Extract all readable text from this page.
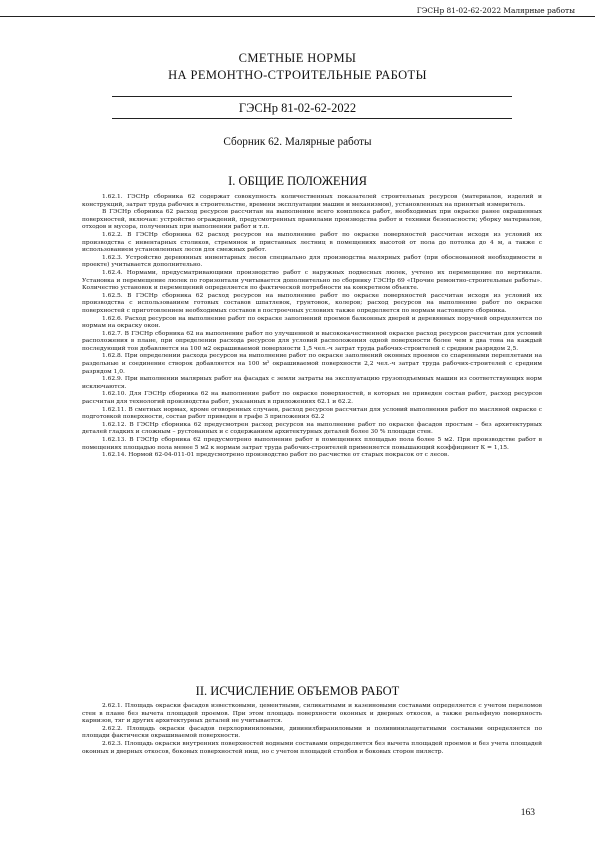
ГЭСНр 81-02-62-2022 Малярные работы
СМЕТНЫЕ НОРМЫ
НА РЕМОНТНО-СТРОИТЕЛЬНЫЕ РАБОТЫ
ГЭСНр 81-02-62-2022
Сборник 62. Малярные работы
I. ОБЩИЕ ПОЛОЖЕНИЯ

1.62.1. ГЭСНр сборника 62 содержат совокупность количественных показателей строительных ресурсов (материалов, изделий и конструкций, затрат труда рабочих в строительстве, времени эксплуатации машин и механизмов), установленных на принятый измеритель.

В ГЭСНр сборника 62 расход ресурсов рассчитан на выполнение всего комплекса работ, необходимых при окраске ранее окрашенных поверхностей, включая: устройство ограждений, предусмотренных правилами производства работ и техники безопасности; уборку материалов, отходов и мусора, полученных при выполнении работ и т.п.

1.62.2. В ГЭСНр сборника 62 расход ресурсов на выполнение работ по окраске поверхностей рассчитан исходя из условий их производства с инвентарных столиков, стремянок и приставных лестниц в помещениях высотой от пола до потолка до 4 м, а также с использованием установленных лесов для смежных работ.

1.62.3. Устройство деревянных инвентарных лесов специально для производства малярных работ (при обоснованной необходимости в проекте) учитывается дополнительно.

1.62.4. Нормами, предусматривающими производство работ с наружных подвесных люлек, учтено их перемещение по вертикали. Установка и перемещение люлек по горизонтали учитывается дополнительно по сборнику ГЭСНр 69 «Прочие ремонтно-строительные работы». Количество установок и перемещений определяется по фактической потребности на конкретном объекте.

1.62.5. В ГЭСНр сборника 62 расход ресурсов на выполнение работ по окраске поверхностей рассчитан исходя из условий их производства с использованием готовых составов шпатлевок, грунтовок, колеров; расход ресурсов на выполнение работ по окраске поверхностей с приготовлением необходимых составов в построечных условиях также определяется по нормам настоящего сборника.

1.62.6. Расход ресурсов на выполнение работ по окраске заполнений проемов балконных дверей и деревянных поручней определяется по нормам на окраску окон.

1.62.7. В ГЭСНр сборника 62 на выполнение работ по улучшенной и высококачественной окраске расход ресурсов рассчитан для условий расположения в плане, при определении расхода ресурсов для условий расположения одной поверхности более чем в два тона на каждый последующий тон добавляется на 100 м2 окрашиваемой поверхности 1,5 чел.-ч затрат труда рабочих-строителей с средним разрядом 2,5.

1.62.8. При определении расхода ресурсов на выполнение работ по окраске заполнений оконных проемов со спаренными переплетами на раздельные и соединение створок добавляется на 100 м² окрашиваемой поверхности 2,2 чел.-ч затрат труда рабочих-строителей с средним разрядом 1,0.

1.62.9. При выполнении малярных работ на фасадах с земли затраты на эксплуатацию грузоподъемных машин из соответствующих норм исключаются.

1.62.10. Для ГЭСНр сборника 62 на выполнение работ по окраске поверхностей, в которых не приведен состав работ, расход ресурсов рассчитан для технологий производства работ, указанных в приложениях 62.1 и 62.2.

1.62.11. В сметных нормах, кроме оговоренных случаев, расход ресурсов рассчитан для условий выполнения работ по масляной окраске с подготовкой поверхности, состав работ приведен в графе 3 приложения 62.2

1.62.12. В ГЭСНр сборника 62 предусмотрен расход ресурсов на выполнение работ по окраске фасадов простым – без архитектурных деталей гладких и сложным – рустованных и с содержанием архитектурных деталей более 30 % площади стен.

1.62.13. В ГЭСНр сборника 62 предусмотрено выполнение работ в помещениях площадью пола более 5 м2. При производстве работ в помещениях площадью пола менее 5 м2 к нормам затрат труда рабочих-строителей применяется повышающий коэффициент К = 1,15.

1.62.14. Нормой 62-04-011-01 предусмотрено производство работ по расчистке от старых покрасок от с лесов.

II. ИСЧИСЛЕНИЕ ОБЪЕМОВ РАБОТ

2.62.1. Площадь окраски фасадов известковыми, цементными, силикатными и казеиновыми составами определяется с учетом переломов стен в плане без вычета площадей проемов. При этом площадь поверхности оконных и дверных откосов, а также рельефную поверхность карнизов, тяг и других архитектурных деталей не учитывается.

2.62.2. Площадь окраски фасадов перхлорвиниловыми, дивинилбираниловыми и поливинилацетатными составами определяется по площади фактически окрашиваемой поверхности.

2.62.3. Площадь окраски внутренних поверхностей водными составами определяется без вычета площадей проемов и без учета площадей оконных и дверных откосов, боковых поверхностей ниш, но с учетом площадей столбов и боковых сторон пилястр.

163
